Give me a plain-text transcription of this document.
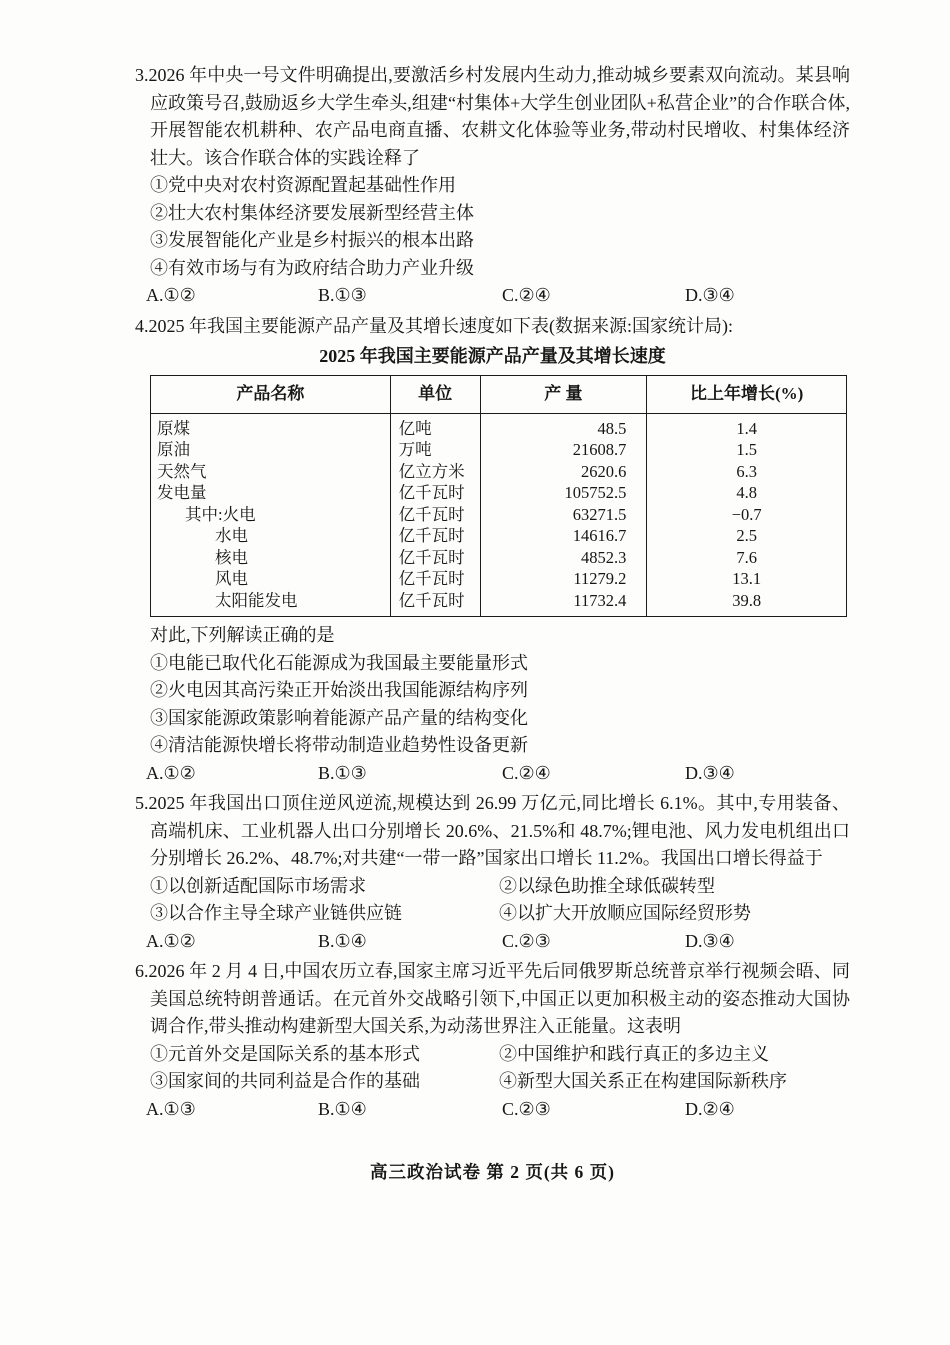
3.2026 年中央一号文件明确提出,要激活乡村发展内生动力,推动城乡要素双向流动。某县响应政策号召,鼓励返乡大学生牵头,组建“村集体+大学生创业团队+私营企业”的合作联合体,开展智能农机耕种、农产品电商直播、农耕文化体验等业务,带动村民增收、村集体经济壮大。该合作联合体的实践诠释了

①党中央对农村资源配置起基础性作用

②壮大农村集体经济要发展新型经营主体

③发展智能化产业是乡村振兴的根本出路

④有效市场与有为政府结合助力产业升级

A.①②	B.①③	C.②④	D.③④

4.2025 年我国主要能源产品产量及其增长速度如下表(数据来源:国家统计局):

2025 年我国主要能源产品产量及其增长速度

产品名称	单位	产 量	比上年增长(%)
原煤	亿吨	48.5	1.4
原油	万吨	21608.7	1.5
天然气	亿立方米	2620.6	6.3
发电量	亿千瓦时	105752.5	4.8
其中:火电	亿千瓦时	63271.5	−0.7
水电	亿千瓦时	14616.7	2.5
核电	亿千瓦时	4852.3	7.6
风电	亿千瓦时	11279.2	13.1
太阳能发电	亿千瓦时	11732.4	39.8

对此,下列解读正确的是

①电能已取代化石能源成为我国最主要能量形式

②火电因其高污染正开始淡出我国能源结构序列

③国家能源政策影响着能源产品产量的结构变化

④清洁能源快增长将带动制造业趋势性设备更新

A.①②	B.①③	C.②④	D.③④

5.2025 年我国出口顶住逆风逆流,规模达到 26.99 万亿元,同比增长 6.1%。其中,专用装备、高端机床、工业机器人出口分别增长 20.6%、21.5%和 48.7%;锂电池、风力发电机组出口分别增长 26.2%、48.7%;对共建“一带一路”国家出口增长 11.2%。我国出口增长得益于

①以创新适配国际市场需求	②以绿色助推全球低碳转型
③以合作主导全球产业链供应链	④以扩大开放顺应国际经贸形势
A.①②	B.①④	C.②③	D.③④

6.2026 年 2 月 4 日,中国农历立春,国家主席习近平先后同俄罗斯总统普京举行视频会晤、同美国总统特朗普通话。在元首外交战略引领下,中国正以更加积极主动的姿态推动大国协调合作,带头推动构建新型大国关系,为动荡世界注入正能量。这表明

①元首外交是国际关系的基本形式	②中国维护和践行真正的多边主义
③国家间的共同利益是合作的基础	④新型大国关系正在构建国际新秩序
A.①③	B.①④	C.②③	D.②④

高三政治试卷 第 2 页(共 6 页)
